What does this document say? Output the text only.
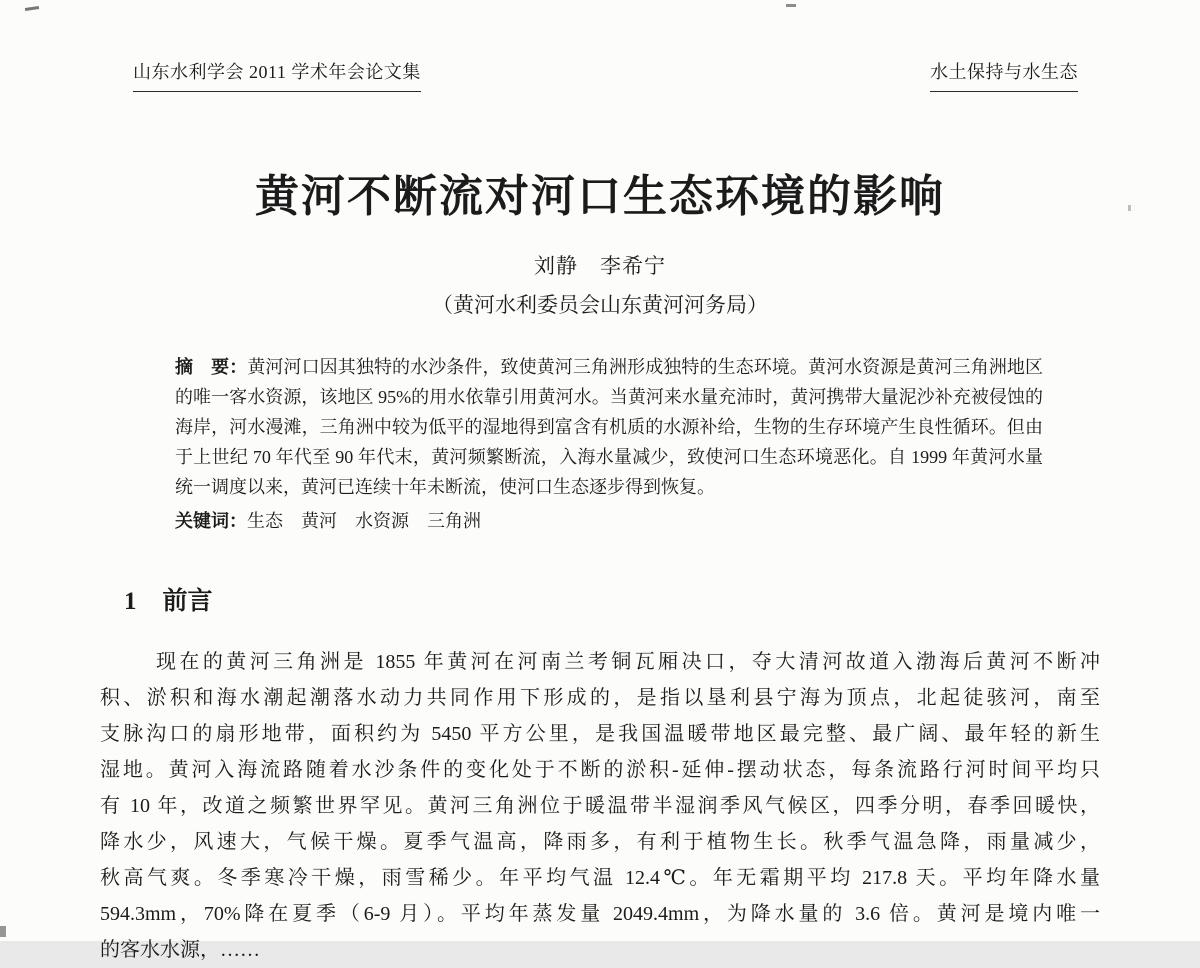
山东水利学会 2011 学术年会论文集	水土保持与水生态
黄河不断流对河口生态环境的影响
刘静　李希宁
（黄河水利委员会山东黄河河务局）

摘　要：黄河河口因其独特的水沙条件，致使黄河三角洲形成独特的生态环境。黄河水资源是黄河三角洲地区的唯一客水资源，该地区 95%的用水依靠引用黄河水。当黄河来水量充沛时，黄河携带大量泥沙补充被侵蚀的海岸，河水漫滩，三角洲中较为低平的湿地得到富含有机质的水源补给，生物的生存环境产生良性循环。但由于上世纪 70 年代至 90 年代末，黄河频繁断流，入海水量减少，致使河口生态环境恶化。自 1999 年黄河水量统一调度以来，黄河已连续十年未断流，使河口生态逐步得到恢复。

关键词：生态　黄河　水资源　三角洲
1 前言
现在的黄河三角洲是 1855 年黄河在河南兰考铜瓦厢决口，夺大清河故道入渤海后黄河不断冲
积、淤积和海水潮起潮落水动力共同作用下形成的，是指以垦利县宁海为顶点，北起徒骇河，南至
支脉沟口的扇形地带，面积约为 5450 平方公里，是我国温暖带地区最完整、最广阔、最年轻的新生
湿地。黄河入海流路随着水沙条件的变化处于不断的淤积-延伸-摆动状态，每条流路行河时间平均只
有 10 年，改道之频繁世界罕见。黄河三角洲位于暖温带半湿润季风气候区，四季分明，春季回暖快，
降水少，风速大，气候干燥。夏季气温高，降雨多，有利于植物生长。秋季气温急降，雨量减少，
秋高气爽。冬季寒冷干燥，雨雪稀少。年平均气温 12.4℃。年无霜期平均 217.8 天。平均年降水量
594.3mm，70%降在夏季（6-9 月）。平均年蒸发量 2049.4mm，为降水量的 3.6 倍。黄河是境内唯一
的客水水源，……
